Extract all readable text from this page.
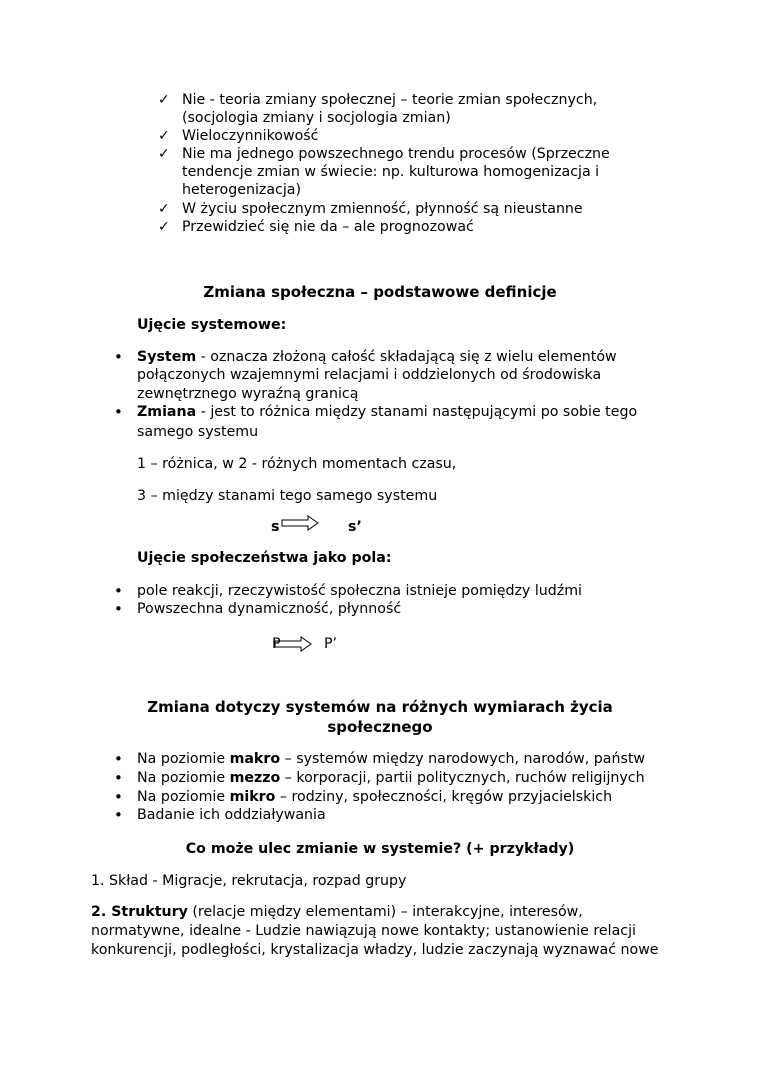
✓ Nie - teoria zmiany społecznej – teorie zmian społecznych,
(socjologia zmiany i socjologia zmian)
✓ Wieloczynnikowość
✓ Nie ma jednego powszechnego trendu procesów (Sprzeczne
tendencje zmian w świecie: np. kulturowa homogenizacja i
heterogenizacja)
✓ W życiu społecznym zmienność, płynność są nieustanne
✓ Przewidzieć się nie da – ale prognozować
Zmiana społeczna – podstawowe definicje
Ujęcie systemowe:
• System - oznacza złożoną całość składającą się z wielu elementów
połączonych wzajemnymi relacjami i oddzielonych od środowiska
zewnętrznego wyraźną granicą
• Zmiana - jest to różnica między stanami następującymi po sobie tego
samego systemu
1 – różnica, w 2 - różnych momentach czasu,
3 – między stanami tego samego systemu
s	s’
Ujęcie społeczeństwa jako pola:
• pole reakcji, rzeczywistość społeczna istnieje pomiędzy ludźmi
• Powszechna dynamiczność, płynność
P	P’
Zmiana dotyczy systemów na różnych wymiarach życia
społecznego
• Na poziomie makro – systemów między narodowych, narodów, państw
• Na poziomie mezzo – korporacji, partii politycznych, ruchów religijnych
• Na poziomie mikro – rodziny, społeczności, kręgów przyjacielskich
• Badanie ich oddziaływania
Co może ulec zmianie w systemie? (+ przykłady)
1. Skład - Migracje, rekrutacja, rozpad grupy
2. Struktury (relacje między elementami) – interakcyjne, interesów,
normatywne, idealne - Ludzie nawiązują nowe kontakty; ustanowienie relacji
konkurencji, podległości, krystalizacja władzy, ludzie zaczynają wyznawać nowe
